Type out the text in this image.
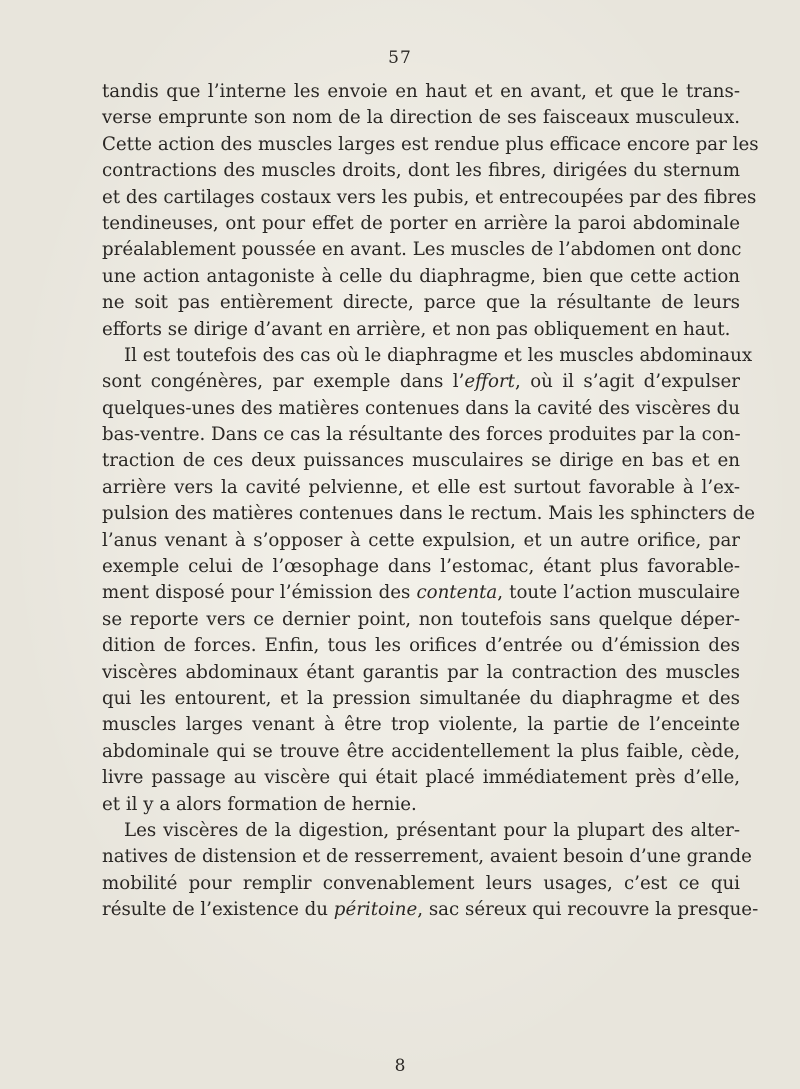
57
tandis que l’interne les envoie en haut et en avant, et que le trans-
verse emprunte son nom de la direction de ses faisceaux musculeux.
Cette action des muscles larges est rendue plus efficace encore par les
contractions des muscles droits, dont les fibres, dirigées du sternum
et des cartilages costaux vers les pubis, et entrecoupées par des fibres
tendineuses, ont pour effet de porter en arrière la paroi abdominale
préalablement poussée en avant. Les muscles de l’abdomen ont donc
une action antagoniste à celle du diaphragme, bien que cette action
ne soit pas entièrement directe, parce que la résultante de leurs
efforts se dirige d’avant en arrière, et non pas obliquement en haut.
Il est toutefois des cas où le diaphragme et les muscles abdominaux
sont congénères, par exemple dans l’effort, où il s’agit d’expulser
quelques-unes des matières contenues dans la cavité des viscères du
bas-ventre. Dans ce cas la résultante des forces produites par la con-
traction de ces deux puissances musculaires se dirige en bas et en
arrière vers la cavité pelvienne, et elle est surtout favorable à l’ex-
pulsion des matières contenues dans le rectum. Mais les sphincters de
l’anus venant à s’opposer à cette expulsion, et un autre orifice, par
exemple celui de l’œsophage dans l’estomac, étant plus favorable-
ment disposé pour l’émission des contenta, toute l’action musculaire
se reporte vers ce dernier point, non toutefois sans quelque déper-
dition de forces. Enfin, tous les orifices d’entrée ou d’émission des
viscères abdominaux étant garantis par la contraction des muscles
qui les entourent, et la pression simultanée du diaphragme et des
muscles larges venant à être trop violente, la partie de l’enceinte
abdominale qui se trouve être accidentellement la plus faible, cède,
livre passage au viscère qui était placé immédiatement près d’elle,
et il y a alors formation de hernie.
Les viscères de la digestion, présentant pour la plupart des alter-
natives de distension et de resserrement, avaient besoin d’une grande
mobilité pour remplir convenablement leurs usages, c’est ce qui
résulte de l’existence du péritoine, sac séreux qui recouvre la presque-
8
